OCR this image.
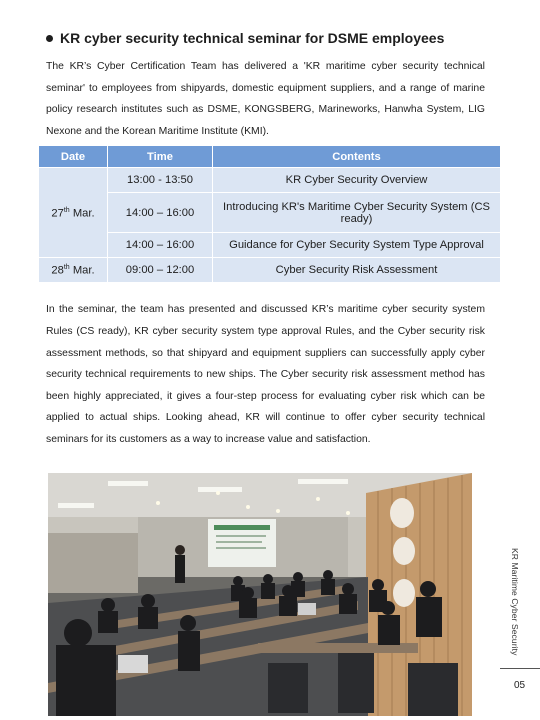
KR cyber security technical seminar for DSME employees

The KR’s Cyber Certification Team has delivered a 'KR maritime cyber security technical seminar' to employees from shipyards, domestic equipment suppliers, and a range of marine policy research institutes such as DSME, KONGSBERG, Marineworks, Hanwha System, LIG Nexone and the Korean Maritime Institute (KMI).

Date	Time	Contents
27th Mar.	13:00 - 13:50	KR Cyber Security Overview
	14:00 – 16:00	Introducing KR's Maritime Cyber Security System (CS ready)
	14:00 – 16:00	Guidance for Cyber Security System Type Approval
28th Mar.	09:00 – 12:00	Cyber Security Risk Assessment

In the seminar, the team has presented and discussed KR’s maritime cyber security system Rules (CS ready), KR cyber security system type approval Rules, and the Cyber security risk assessment methods, so that shipyard and equipment suppliers can successfully apply cyber security technical requirements to new ships. The Cyber security risk assessment method has been highly appreciated, it gives a four-step process for evaluating cyber risk which can be applied to actual ships. Looking ahead, KR will continue to offer cyber security technical seminars for its customers as a way to increase value and satisfaction.

KR Maritime Cyber Security
05
